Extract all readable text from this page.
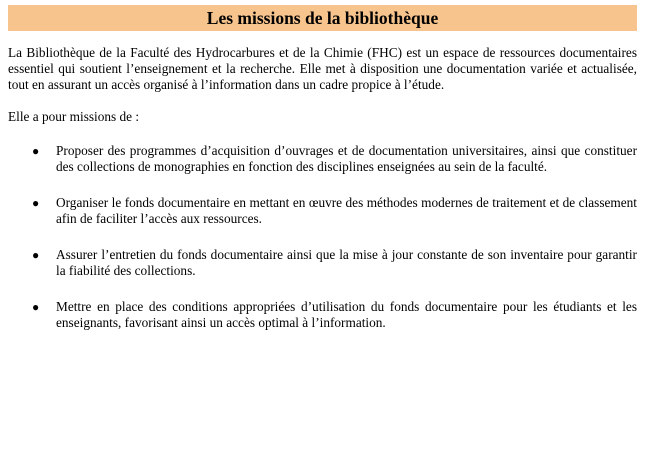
Les missions de la bibliothèque

La Bibliothèque de la Faculté des Hydrocarbures et de la Chimie (FHC) est un espace de ressources documentaires essentiel qui soutient l’enseignement et la recherche. Elle met à disposition une documentation variée et actualisée, tout en assurant un accès organisé à l’information dans un cadre propice à l’étude.

Elle a pour missions de :

● Proposer des programmes d’acquisition d’ouvrages et de documentation universitaires, ainsi que constituer des collections de monographies en fonction des disciplines enseignées au sein de la faculté.
● Organiser le fonds documentaire en mettant en œuvre des méthodes modernes de traitement et de classement afin de faciliter l’accès aux ressources.
● Assurer l’entretien du fonds documentaire ainsi que la mise à jour constante de son inventaire pour garantir la fiabilité des collections.
● Mettre en place des conditions appropriées d’utilisation du fonds documentaire pour les étudiants et les enseignants, favorisant ainsi un accès optimal à l’information.
